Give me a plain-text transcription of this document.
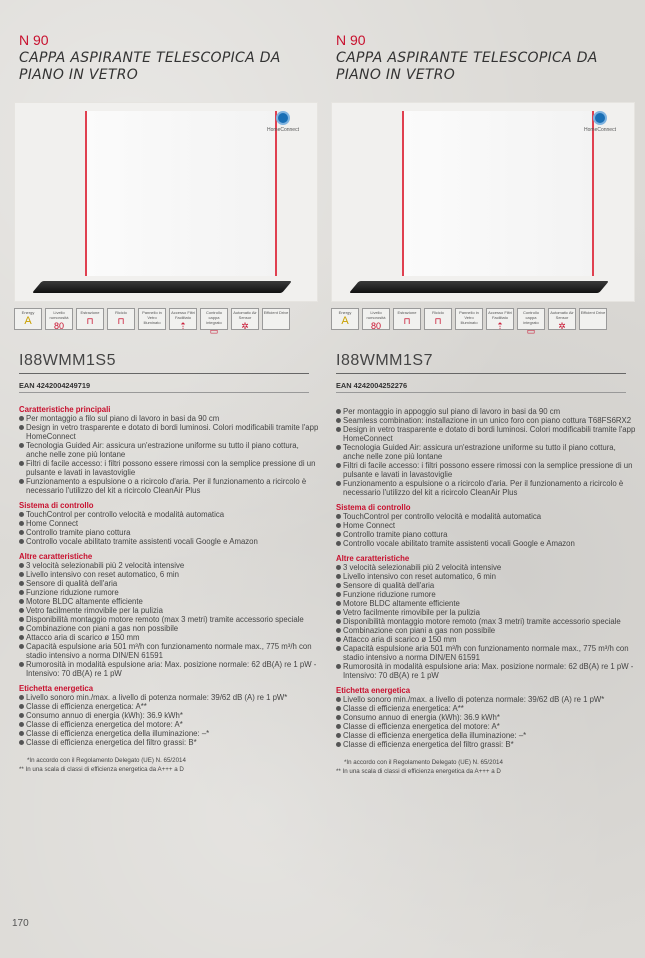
N 90
CAPPA ASPIRANTE TELESCOPICA DA PIANO IN VETRO
HomeConnect
Energy
A
Livello rumorosità
80
Estrazione
⊓
Riciclo
⊓
Pannello in Vetro Illuminato
Accesso Filtri Facilitato
⇡
Controllo cappa integrato
▭
Automatic Air Sensor
✲
Efficient Drive
I88WMM1S5
EAN 4242004249719
Caratteristiche principali
Per montaggio a filo sul piano di lavoro in basi da 90 cm
Design in vetro trasparente e dotato di bordi luminosi. Colori modificabili tramite l'app HomeConnect
Tecnologia Guided Air: assicura un'estrazione uniforme su tutto il piano cottura, anche nelle zone più lontane
Filtri di facile accesso: i filtri possono essere rimossi con la semplice pressione di un pulsante e lavati in lavastoviglie
Funzionamento a espulsione o a ricircolo d'aria. Per il funzionamento a ricircolo è necessario l'utilizzo del kit a ricircolo CleanAir Plus
Sistema di controllo
TouchControl per controllo velocità e modalità automatica
Home Connect
Controllo tramite piano cottura
Controllo vocale abilitato tramite assistenti vocali Google e Amazon
Altre caratteristiche
3 velocità selezionabili più 2 velocità intensive
Livello intensivo con reset automatico, 6 min
Sensore di qualità dell'aria
Funzione riduzione rumore
Motore BLDC altamente efficiente
Vetro facilmente rimovibile per la pulizia
Disponibilità montaggio motore remoto (max 3 metri) tramite accessorio speciale
Combinazione con piani a gas non possibile
Attacco aria di scarico ø 150 mm
Capacità espulsione aria 501 m³/h con funzionamento normale max., 775 m³/h con stadio intensivo a norma DIN/EN 61591
Rumorosità in modalità espulsione aria: Max. posizione normale: 62 dB(A) re 1 pW - Intensivo: 70 dB(A) re 1 pW
Etichetta energetica
Livello sonoro min./max. a livello di potenza normale: 39/62 dB (A) re 1 pW*
Classe di efficienza energetica: A**
Consumo annuo di energia (kWh): 36.9 kWh*
Classe di efficienza energetica del motore: A*
Classe di efficienza energetica della illuminazione: –*
Classe di efficienza energetica del filtro grassi: B*
*In accordo con il Regolamento Delegato (UE) N. 65/2014
** In una scala di classi di efficienza energetica da A+++ a D
N 90
CAPPA ASPIRANTE TELESCOPICA DA PIANO IN VETRO
HomeConnect
Energy
A
Livello rumorosità
80
Estrazione
⊓
Riciclo
⊓
Pannello in Vetro Illuminato
Accesso Filtri Facilitato
⇡
Controllo cappa integrato
▭
Automatic Air Sensor
✲
Efficient Drive
I88WMM1S7
EAN 4242004252276
Per montaggio in appoggio sul piano di lavoro in basi da 90 cm
Seamless combination: installazione in un unico foro con piano cottura T68FS6RX2
Design in vetro trasparente e dotato di bordi luminosi. Colori modificabili tramite l'app HomeConnect
Tecnologia Guided Air: assicura un'estrazione uniforme su tutto il piano cottura, anche nelle zone più lontane
Filtri di facile accesso: i filtri possono essere rimossi con la semplice pressione di un pulsante e lavati in lavastoviglie
Funzionamento a espulsione o a ricircolo d'aria. Per il funzionamento a ricircolo è necessario l'utilizzo del kit a ricircolo CleanAir Plus
Sistema di controllo
TouchControl per controllo velocità e modalità automatica
Home Connect
Controllo tramite piano cottura
Controllo vocale abilitato tramite assistenti vocali Google e Amazon
Altre caratteristiche
3 velocità selezionabili più 2 velocità intensive
Livello intensivo con reset automatico, 6 min
Sensore di qualità dell'aria
Funzione riduzione rumore
Motore BLDC altamente efficiente
Vetro facilmente rimovibile per la pulizia
Disponibilità montaggio motore remoto (max 3 metri) tramite accessorio speciale
Combinazione con piani a gas non possibile
Attacco aria di scarico ø 150 mm
Capacità espulsione aria 501 m³/h con funzionamento normale max., 775 m³/h con stadio intensivo a norma DIN/EN 61591
Rumorosità in modalità espulsione aria: Max. posizione normale: 62 dB(A) re 1 pW - Intensivo: 70 dB(A) re 1 pW
Etichetta energetica
Livello sonoro min./max. a livello di potenza normale: 39/62 dB (A) re 1 pW*
Classe di efficienza energetica: A**
Consumo annuo di energia (kWh): 36.9 kWh*
Classe di efficienza energetica del motore: A*
Classe di efficienza energetica della illuminazione: –*
Classe di efficienza energetica del filtro grassi: B*
*In accordo con il Regolamento Delegato (UE) N. 65/2014
** In una scala di classi di efficienza energetica da A+++ a D
170
